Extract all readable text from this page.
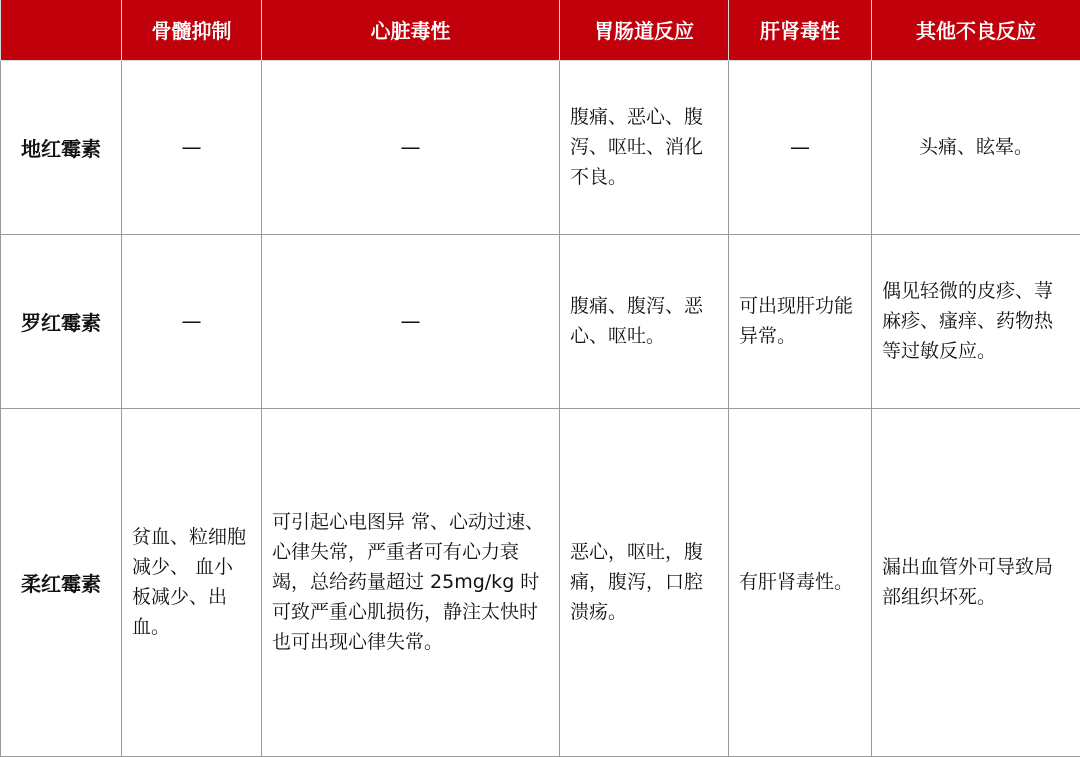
	骨髓抑制	心脏毒性	胃肠道反应	肝肾毒性	其他不良反应
地红霉素	—	—	腹痛、恶心、腹泻、呕吐、消化不良。	—	头痛、眩晕。
罗红霉素	—	—	腹痛、腹泻、恶心、呕吐。	可出现肝功能异常。	偶见轻微的皮疹、荨麻疹、瘙痒、药物热等过敏反应。
柔红霉素	贫血、粒细胞减少、 血小板减少、出血。	可引起心电图异 常、心动过速、心律失常，严重者可有心力衰竭，总给药量超过 25mg/kg 时可致严重心肌损伤，静注太快时也可出现心律失常。	恶心，呕吐，腹痛，腹泻，口腔溃疡。	有肝肾毒性。	漏出血管外可导致局部组织坏死。
